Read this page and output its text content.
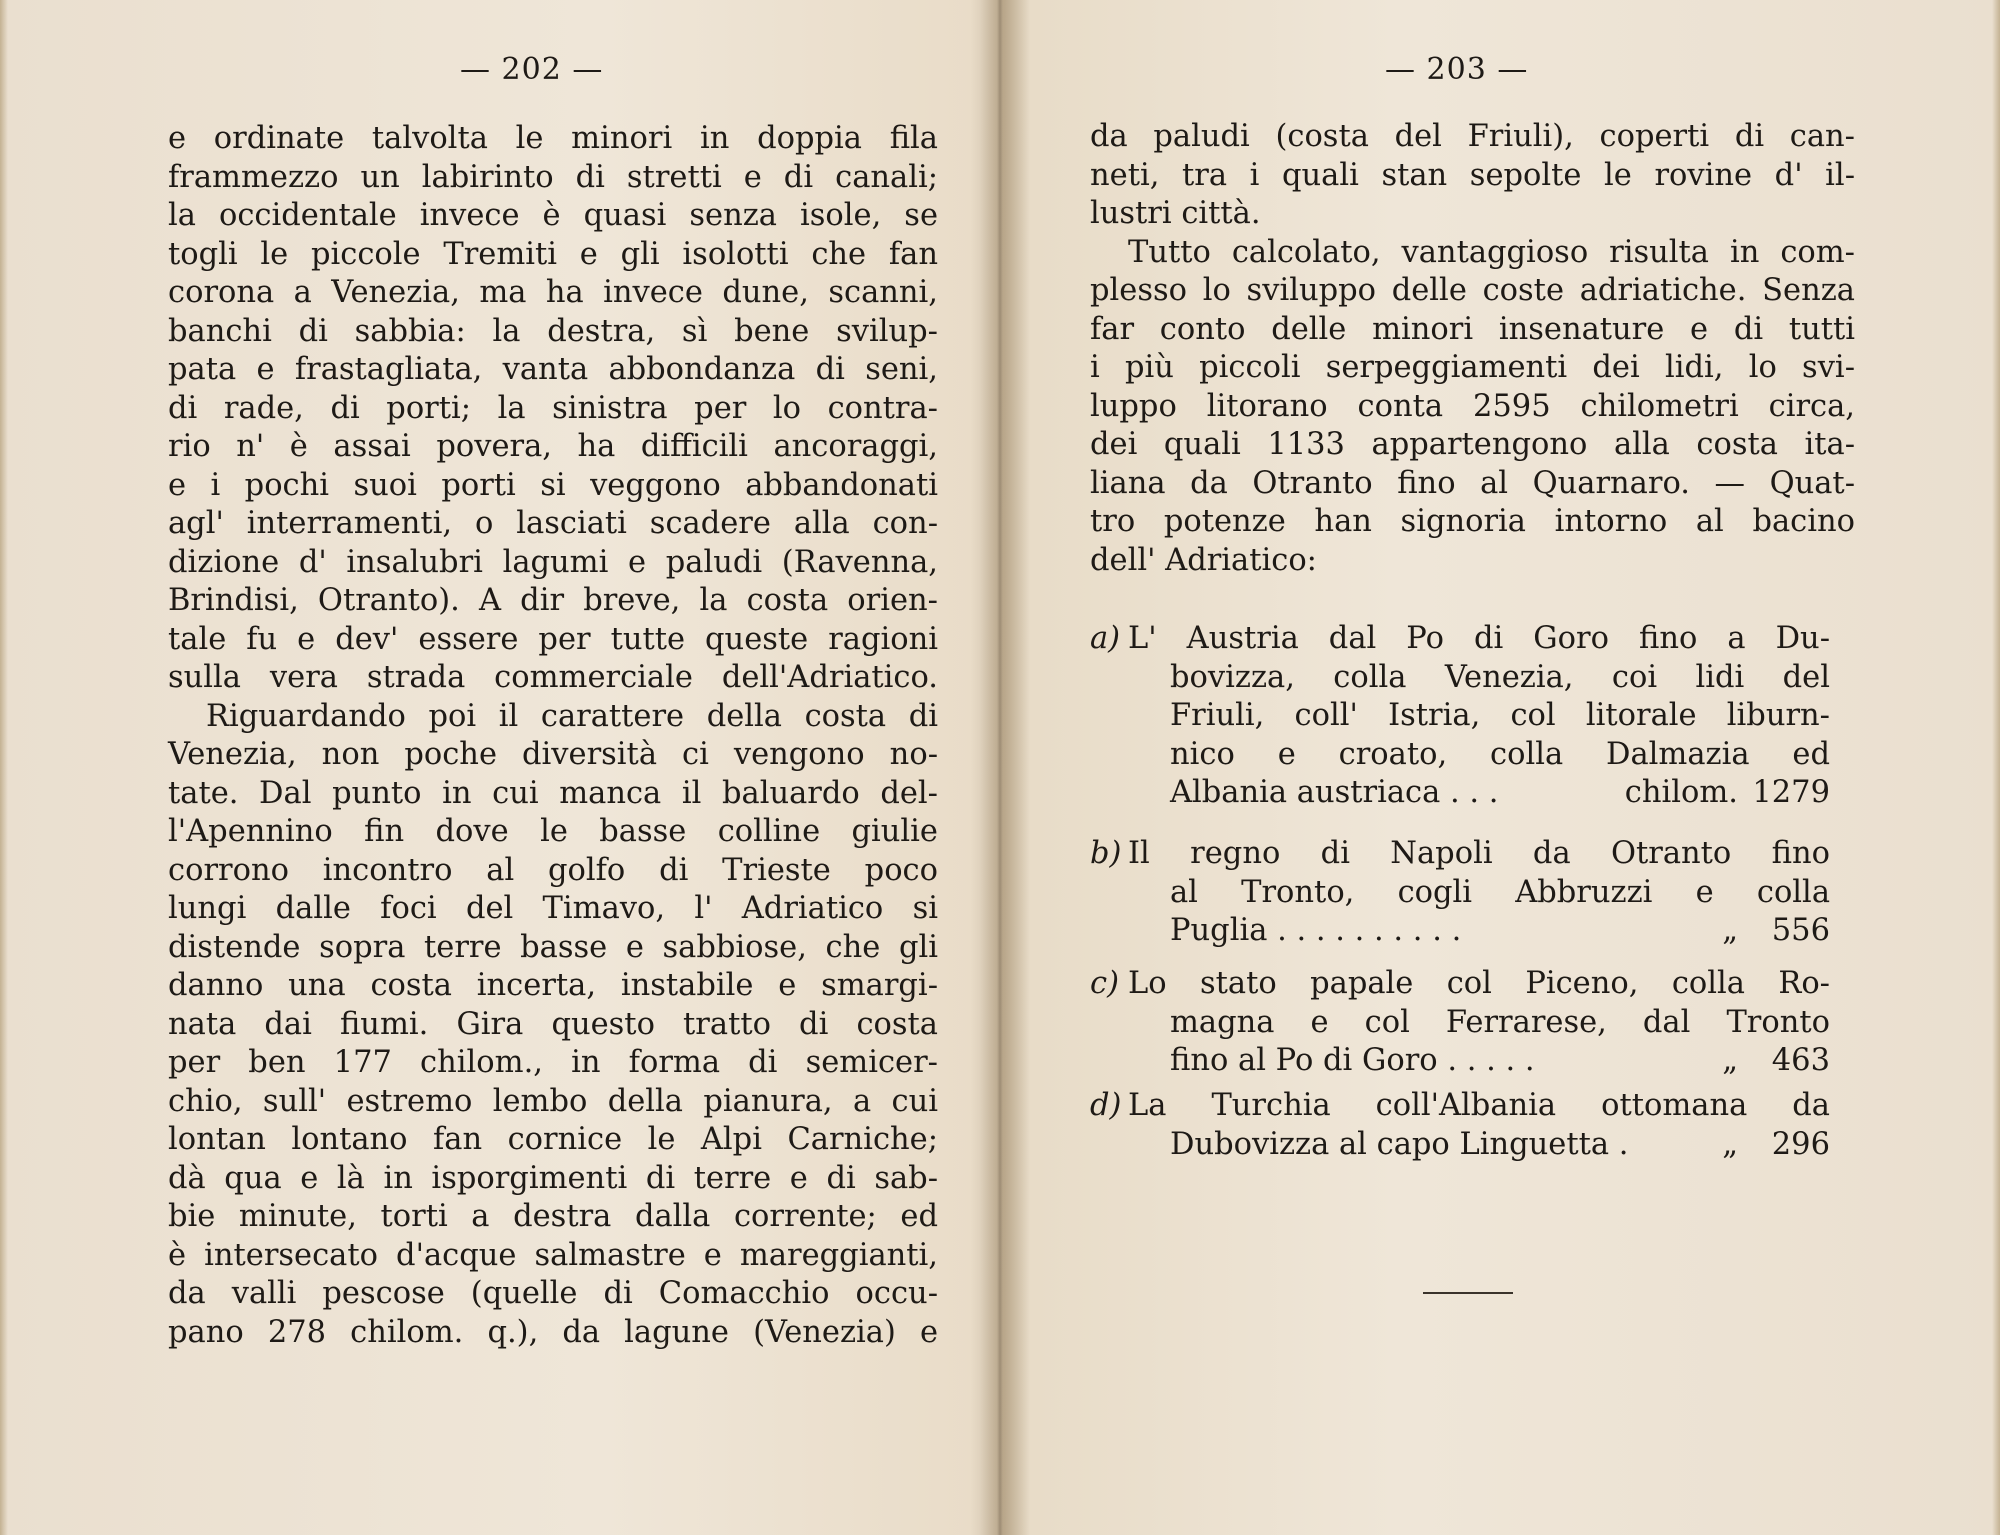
— 202 —
e ordinate talvolta le minori in doppia fila
frammezzo un labirinto di stretti e di canali;
la occidentale invece è quasi senza isole, se
togli le piccole Tremiti e gli isolotti che fan
corona a Venezia, ma ha invece dune, scanni,
banchi di sabbia: la destra, sì bene svilup-
pata e frastagliata, vanta abbondanza di seni,
di rade, di porti; la sinistra per lo contra-
rio n' è assai povera, ha difficili ancoraggi,
e i pochi suoi porti si veggono abbandonati
agl' interramenti, o lasciati scadere alla con-
dizione d' insalubri lagumi e paludi (Ravenna,
Brindisi, Otranto). A dir breve, la costa orien-
tale fu e dev' essere per tutte queste ragioni
sulla vera strada commerciale dell'Adriatico.
Riguardando poi il carattere della costa di
Venezia, non poche diversità ci vengono no-
tate. Dal punto in cui manca il baluardo del-
l'Apennino fin dove le basse colline giulie
corrono incontro al golfo di Trieste poco
lungi dalle foci del Timavo, l' Adriatico si
distende sopra terre basse e sabbiose, che gli
danno una costa incerta, instabile e smargi-
nata dai fiumi. Gira questo tratto di costa
per ben 177 chilom., in forma di semicer-
chio, sull' estremo lembo della pianura, a cui
lontan lontano fan cornice le Alpi Carniche;
dà qua e là in isporgimenti di terre e di sab-
bie minute, torti a destra dalla corrente; ed
è intersecato d'acque salmastre e mareggianti,
da valli pescose (quelle di Comacchio occu-
pano 278 chilom. q.), da lagune (Venezia) e
— 203 —
da paludi (costa del Friuli), coperti di can-
neti, tra i quali stan sepolte le rovine d' il-
lustri città.
Tutto calcolato, vantaggioso risulta in com-
plesso lo sviluppo delle coste adriatiche. Senza
far conto delle minori insenature e di tutti
i più piccoli serpeggiamenti dei lidi, lo svi-
luppo litorano conta 2595 chilometri circa,
dei quali 1133 appartengono alla costa ita-
liana da Otranto fino al Quarnaro. — Quat-
tro potenze han signoria intorno al bacino
dell' Adriatico:
a) L' Austria dal Po di Goro fino a Du-
bovizza, colla Venezia, coi lidi del
Friuli, coll' Istria, col litorale liburn-
nico e croato, colla Dalmazia ed
Albania austriaca . . .	chilom. 1279
b) Il regno di Napoli da Otranto fino
al Tronto, cogli Abbruzzi e colla
Puglia . . . . . . . . . .	„	556
c) Lo stato papale col Piceno, colla Ro-
magna e col Ferrarese, dal Tronto
fino al Po di Goro . . . . .	„	463
d) La Turchia coll'Albania ottomana da
Dubovizza al capo Linguetta .	„	296
